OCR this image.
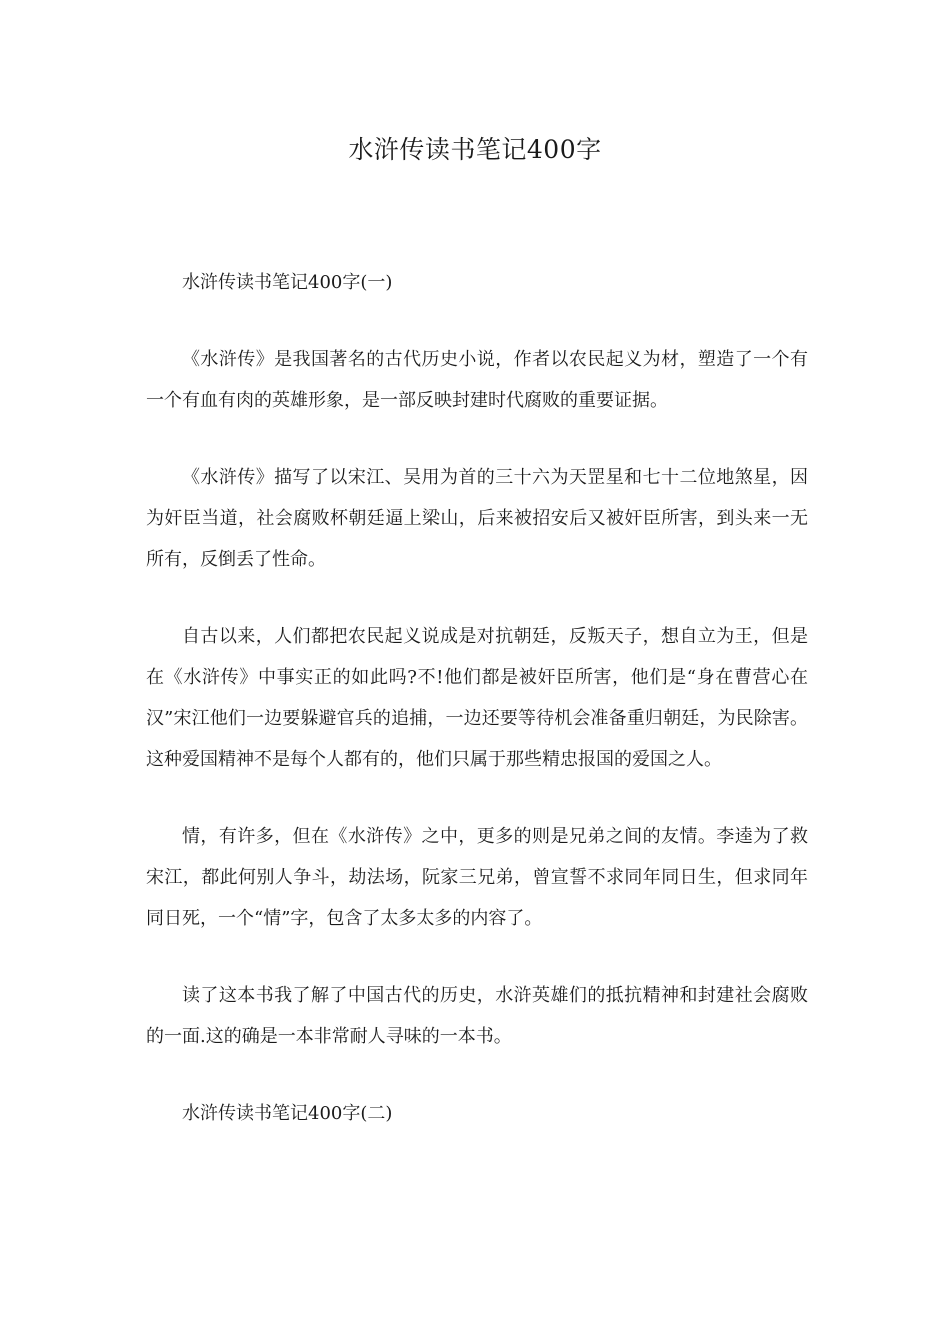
水浒传读书笔记400字

水浒传读书笔记400字(一)

《水浒传》是我国著名的古代历史小说，作者以农民起义为材，塑造了一个有一个有血有肉的英雄形象，是一部反映封建时代腐败的重要证据。

《水浒传》描写了以宋江、吴用为首的三十六为天罡星和七十二位地煞星，因为奸臣当道，社会腐败杯朝廷逼上梁山，后来被招安后又被奸臣所害，到头来一无所有，反倒丢了性命。

自古以来，人们都把农民起义说成是对抗朝廷，反叛天子，想自立为王，但是在《水浒传》中事实正的如此吗?不!他们都是被奸臣所害，他们是“身在曹营心在汉”宋江他们一边要躲避官兵的追捕，一边还要等待机会准备重归朝廷，为民除害。这种爱国精神不是每个人都有的，他们只属于那些精忠报国的爱国之人。

情，有许多，但在《水浒传》之中，更多的则是兄弟之间的友情。李逵为了救宋江，都此何别人争斗，劫法场，阮家三兄弟，曾宣誓不求同年同日生，但求同年同日死，一个“情”字，包含了太多太多的内容了。

读了这本书我了解了中国古代的历史，水浒英雄们的抵抗精神和封建社会腐败的一面.这的确是一本非常耐人寻味的一本书。

水浒传读书笔记400字(二)
